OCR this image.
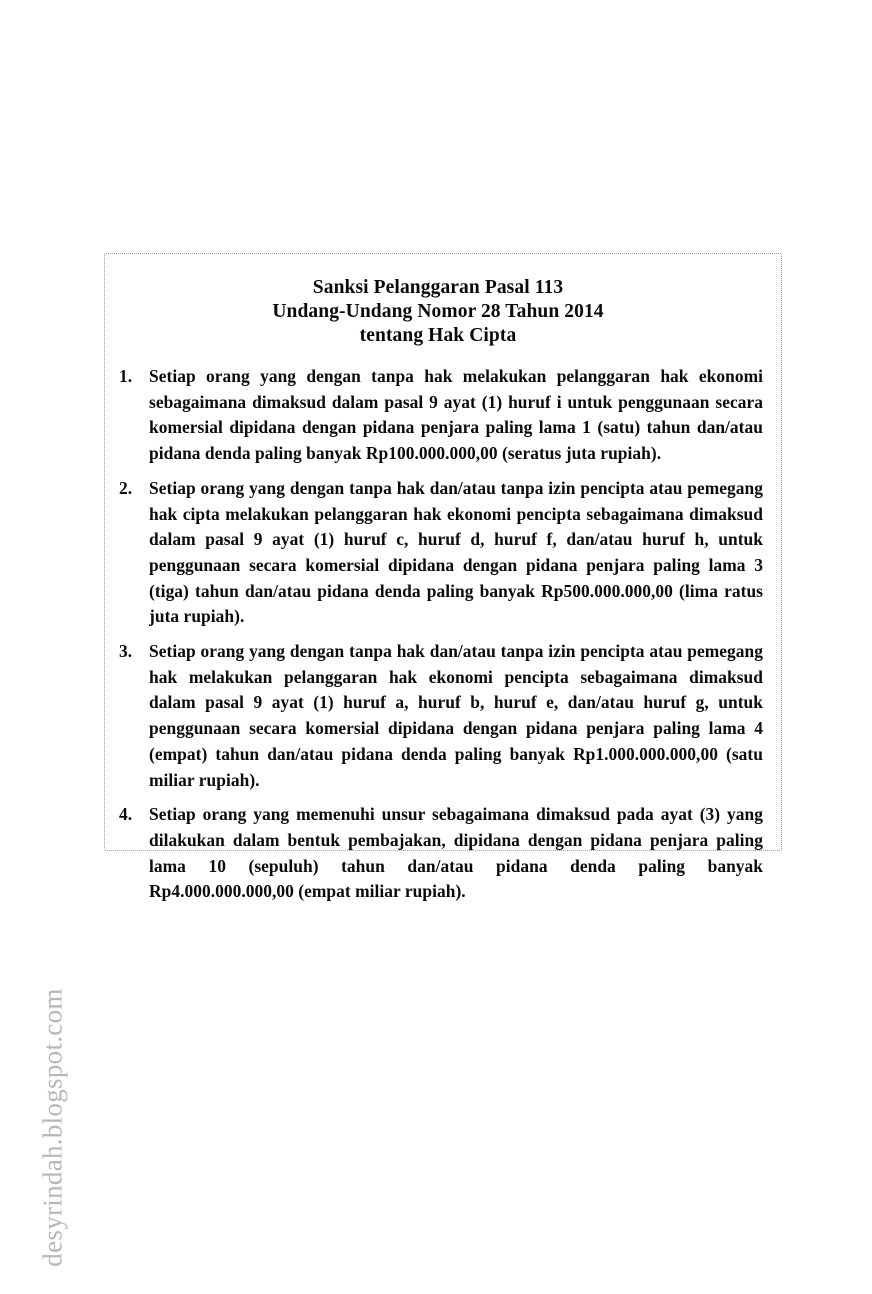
desyrindah.blogspot.com
Sanksi Pelanggaran Pasal 113
Undang-Undang Nomor 28 Tahun 2014
tentang Hak Cipta
1. Setiap orang yang dengan tanpa hak melakukan pelanggaran hak ekonomi sebagaimana dimaksud dalam pasal 9 ayat (1) huruf i untuk penggunaan secara komersial dipidana dengan pidana penjara paling lama 1 (satu) tahun dan/atau pidana denda paling banyak Rp100.000.000,00 (seratus juta rupiah).
2. Setiap orang yang dengan tanpa hak dan/atau tanpa izin pencipta atau pemegang hak cipta melakukan pelanggaran hak ekonomi pencipta sebagaimana dimaksud dalam pasal 9 ayat (1) huruf c, huruf d, huruf f, dan/atau huruf h, untuk penggunaan secara komersial dipidana dengan pidana penjara paling lama 3 (tiga) tahun dan/atau pidana denda paling banyak Rp500.000.000,00 (lima ratus juta rupiah).
3. Setiap orang yang dengan tanpa hak dan/atau tanpa izin pencipta atau pemegang hak melakukan pelanggaran hak ekonomi pencipta sebagaimana dimaksud dalam pasal 9 ayat (1) huruf a, huruf b, huruf e, dan/atau huruf g, untuk penggunaan secara komersial dipidana dengan pidana penjara paling lama 4 (empat) tahun dan/atau pidana denda paling banyak Rp1.000.000.000,00 (satu miliar rupiah).
4. Setiap orang yang memenuhi unsur sebagaimana dimaksud pada ayat (3) yang dilakukan dalam bentuk pembajakan, dipidana dengan pidana penjara paling lama 10 (sepuluh) tahun dan/atau pidana denda paling banyak Rp4.000.000.000,00 (empat miliar rupiah).
